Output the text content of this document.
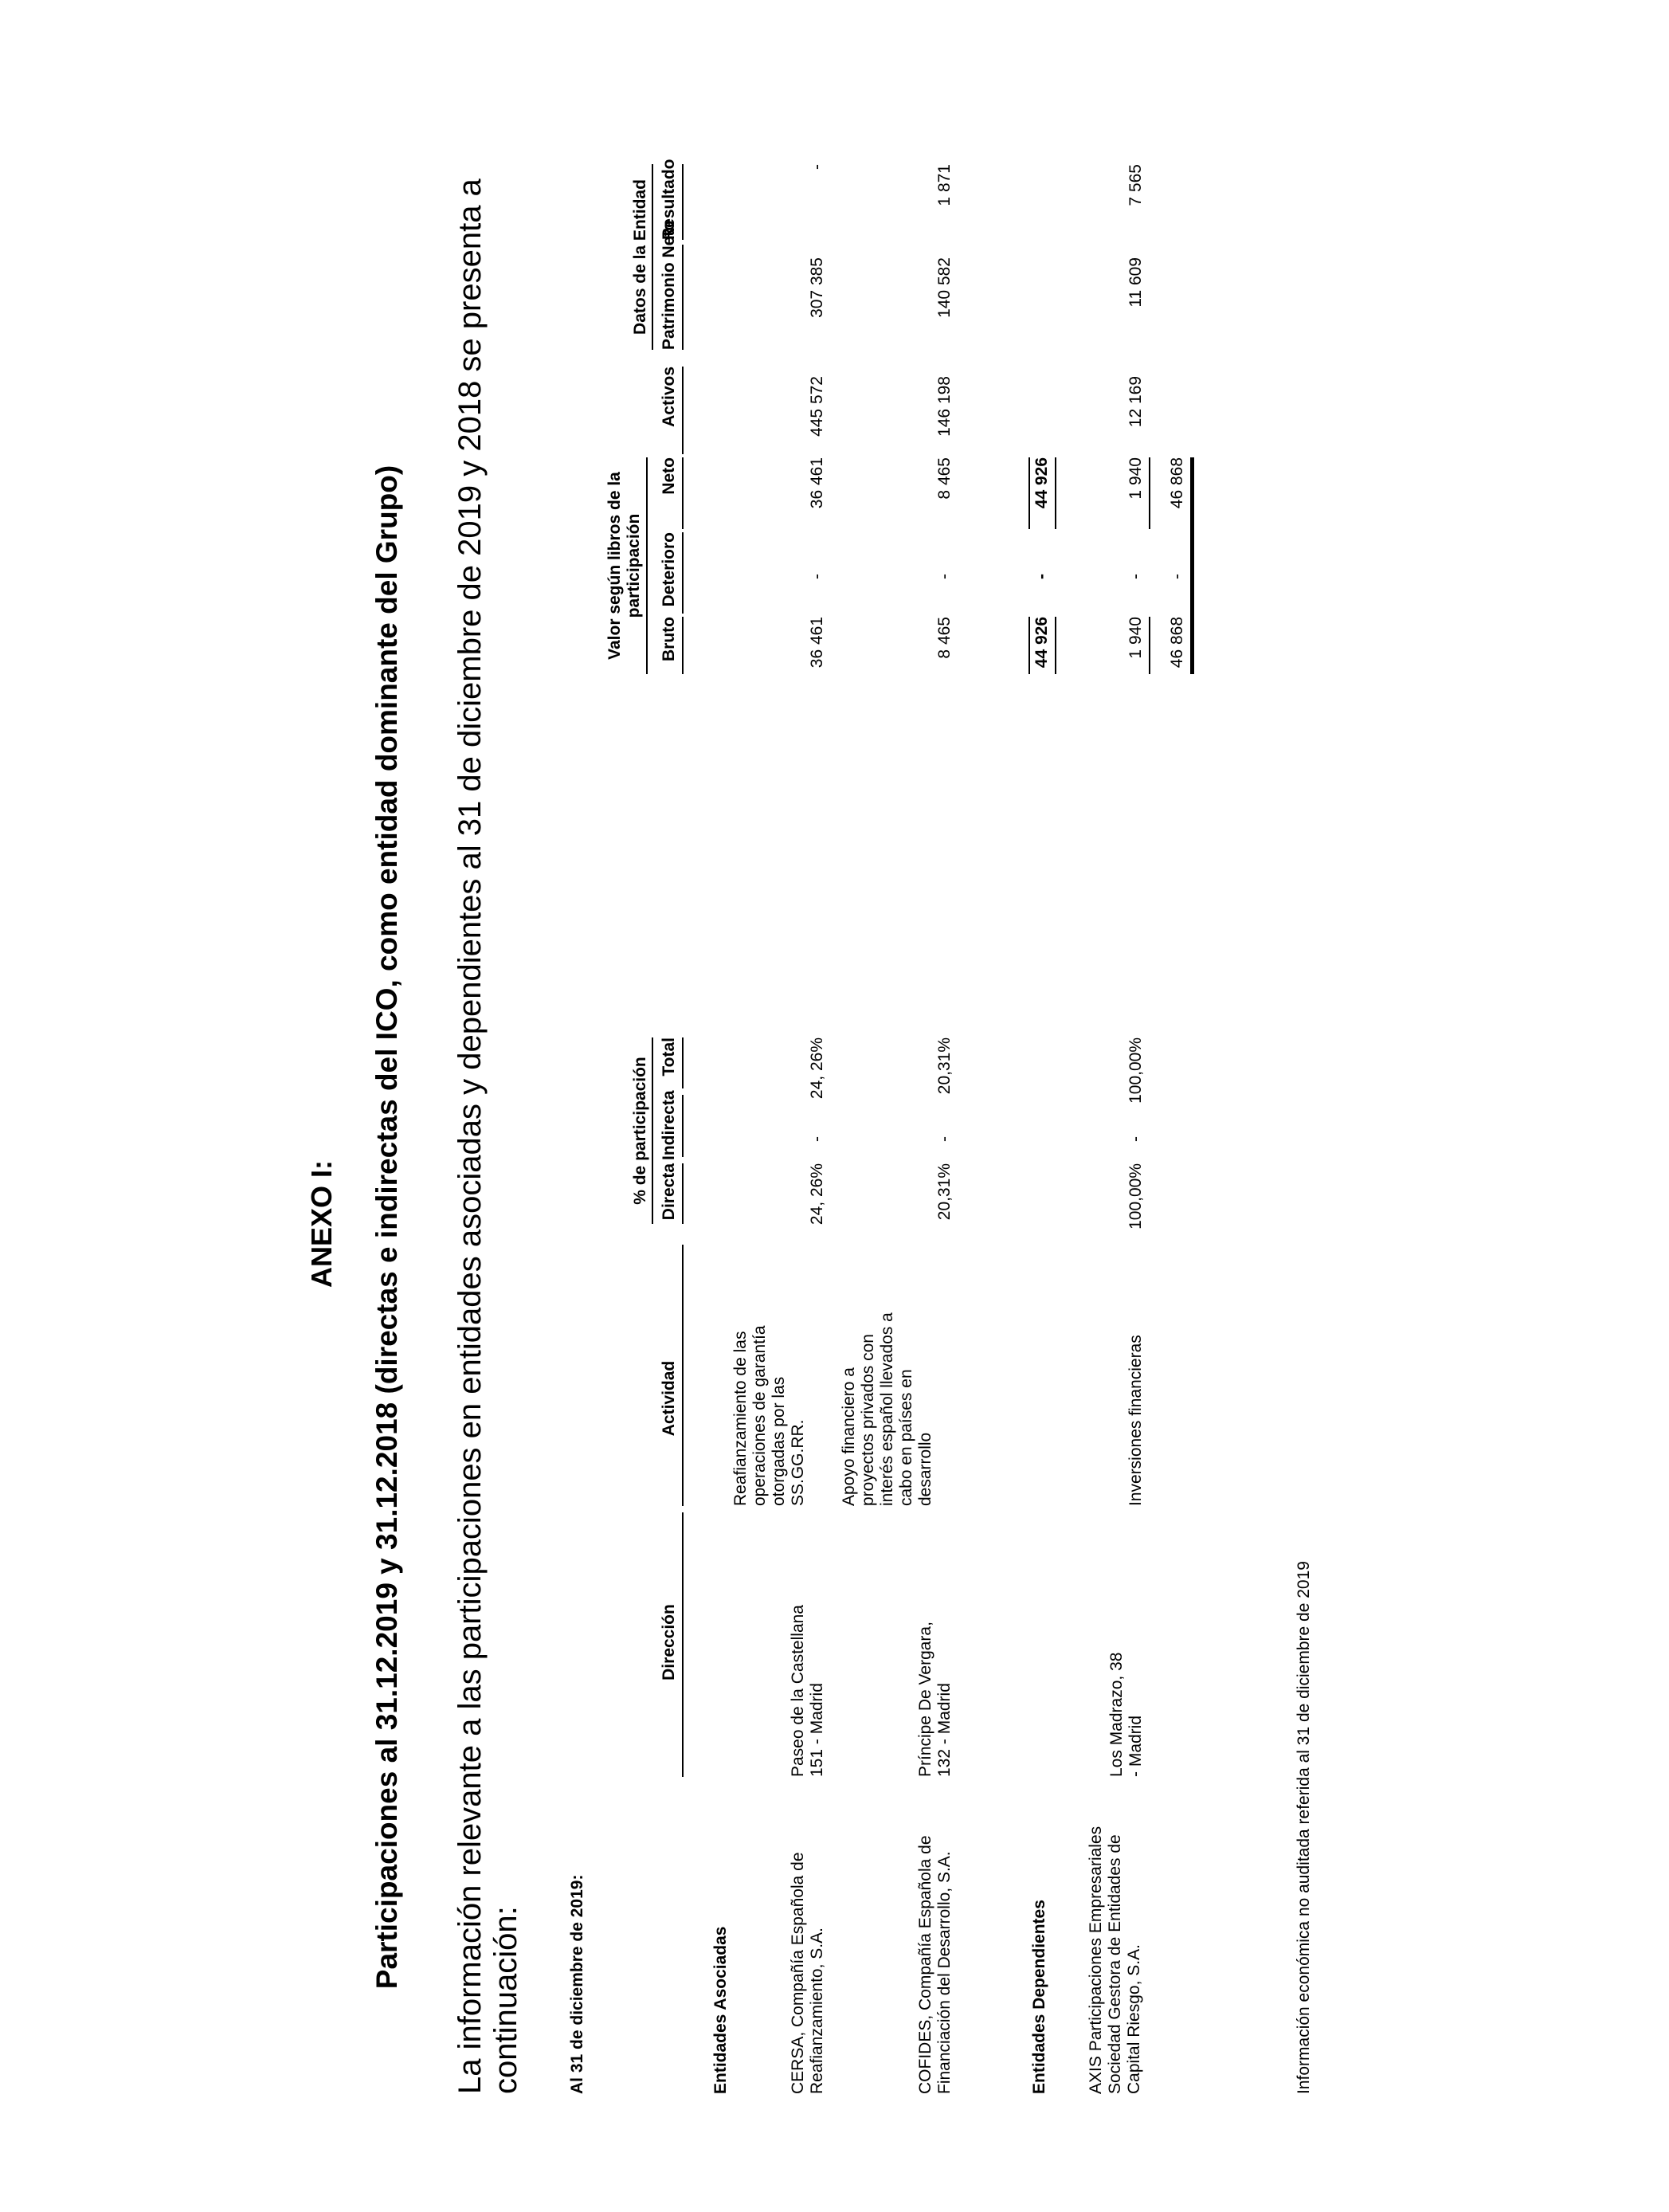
ANEXO I: Participaciones al 31.12.2019 y 31.12.2018 (directas e indirectas del ICO, como entidad dominante del Grupo) La información relevante a las participaciones en entidades asociadas y dependientes al 31 de diciembre de 2019 y 2018 se presenta a continuación:	Al 31 de diciembre de 2019:
% de participación
Valor según libros de la participación
Datos de la Entidad
Dirección
Actividad
Directa
Indirecta
Total
Bruto
Deterioro
Neto
Activos
Patrimonio Neto
Resultado
Entidades Asociadas	CERSA, Compañía Española de Reafianzamiento, S.A.
Paseo de la Castellana 151 - Madrid
Reafianzamiento de las operaciones de garantía otorgadas por las SS.GG.RR.
24, 26%
-
24, 26%
36 461
-
36 461
445 572
307 385
-
COFIDES, Compañía Española de Financiación del Desarrollo, S.A.
Príncipe De Vergara, 132 - Madrid
Apoyo financiero a proyectos privados con interés español llevados a cabo en países en desarrollo
20,31%
-
20,31%
8 465
-
8 465
146 198
140 582
1 871
44 926
-
44 926
Entidades Dependientes AXIS Participaciones Empresariales Sociedad Gestora de Entidades de Capital Riesgo, S.A.
Los Madrazo, 38 - Madrid
Inversiones financieras
100,00%
-
100,00%
1 940
-
1 940
12 169
11 609
7 565
46 868
-
46 868
Información económica no auditada referida al 31 de diciembre de 2019
